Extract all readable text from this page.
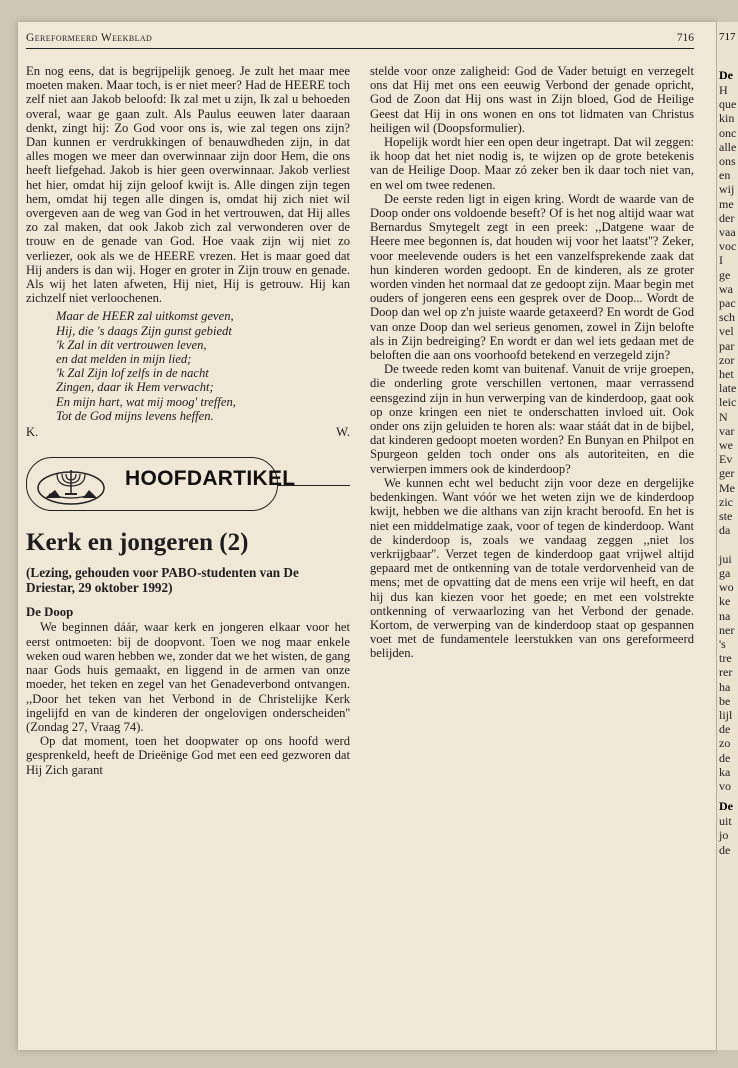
Gereformeerd Weekblad	716

En nog eens, dat is begrijpelijk genoeg. Je zult het maar mee moeten maken. Maar toch, is er niet meer? Had de HEERE toch zelf niet aan Jakob beloofd: Ik zal met u zijn, Ik zal u behoeden overal, waar ge gaan zult. Als Paulus eeuwen later daaraan denkt, zingt hij: Zo God voor ons is, wie zal tegen ons zijn? Dan kunnen er verdrukkingen of benauwdheden zijn, in dat alles mogen we meer dan overwinnaar zijn door Hem, die ons heeft liefgehad. Jakob is hier geen overwinnaar. Jakob verliest het hier, omdat hij zijn geloof kwijt is. Alle dingen zijn tegen hem, omdat hij tegen alle dingen is, omdat hij zich niet wil overgeven aan de weg van God in het vertrouwen, dat Hij alles zo zal maken, dat ook Jakob zich zal verwonderen over de trouw en de genade van God. Hoe vaak zijn wij niet zo verliezer, ook als we de HEERE vrezen. Het is maar goed dat Hij anders is dan wij. Hoger en groter in Zijn trouw en genade. Als wij het laten afweten, Hij niet, Hij is getrouw. Hij kan zichzelf niet verloochenen.

Maar de HEER zal uitkomst geven,
Hij, die 's daags Zijn gunst gebiedt
'k Zal in dit vertrouwen leven,
en dat melden in mijn lied;
'k Zal Zijn lof zelfs in de nacht
Zingen, daar ik Hem verwacht;
En mijn hart, wat mij moog' treffen,
Tot de God mijns levens heffen.
K.	W.
HOOFDARTIKEL
Kerk en jongeren (2)
(Lezing, gehouden voor PABO-studenten van De Driestar, 29 oktober 1992)
De Doop

We beginnen dáár, waar kerk en jongeren elkaar voor het eerst ontmoeten: bij de doopvont. Toen we nog maar enkele weken oud waren hebben we, zonder dat we het wisten, de gang naar Gods huis gemaakt, en liggend in de armen van onze moeder, het teken en zegel van het Genadeverbond ontvangen. ,,Door het teken van het Verbond in de Christelijke Kerk ingelijfd en van de kinderen der ongelovigen onderscheiden'' (Zondag 27, Vraag 74).

Op dat moment, toen het doopwater op ons hoofd werd gesprenkeld, heeft de Drieënige God met een eed gezworen dat Hij Zich garant

stelde voor onze zaligheid: God de Vader betuigt en verzegelt ons dat Hij met ons een eeuwig Verbond der genade opricht, God de Zoon dat Hij ons wast in Zijn bloed, God de Heilige Geest dat Hij in ons wonen en ons tot lidmaten van Christus heiligen wil (Doopsformulier).

Hopelijk wordt hier een open deur ingetrapt. Dat wil zeggen: ik hoop dat het niet nodig is, te wijzen op de grote betekenis van de Heilige Doop. Maar zó zeker ben ik daar toch niet van, en wel om twee redenen.

De eerste reden ligt in eigen kring. Wordt de waarde van de Doop onder ons voldoende beseft? Of is het nog altijd waar wat Bernardus Smytegelt zegt in een preek: ,,Datgene waar de Heere mee begonnen is, dat houden wij voor het laatst''? Zeker, voor meelevende ouders is het een vanzelfsprekende zaak dat hun kinderen worden gedoopt. En de kinderen, als ze groter worden vinden het normaal dat ze gedoopt zijn. Maar begin met ouders of jongeren eens een gesprek over de Doop... Wordt de Doop dan wel op z'n juiste waarde getaxeerd? En wordt de God van onze Doop dan wel serieus genomen, zowel in Zijn belofte als in Zijn bedreiging? En wordt er dan wel iets gedaan met de beloften die aan ons voorhoofd betekend en verzegeld zijn?

De tweede reden komt van buitenaf. Vanuit de vrije groepen, die onderling grote verschillen vertonen, maar verrassend eensgezind zijn in hun verwerping van de kinderdoop, gaat ook op onze kringen een niet te onderschatten invloed uit. Ook onder ons zijn geluiden te horen als: waar stáát dat in de bijbel, dat kinderen gedoopt moeten worden? En Bunyan en Philpot en Spurgeon gelden toch onder ons als autoriteiten, en die verwierpen immers ook de kinderdoop?

We kunnen echt wel beducht zijn voor deze en dergelijke bedenkingen. Want vóór we het weten zijn we de kinderdoop kwijt, hebben we die althans van zijn kracht beroofd. En het is niet een middelmatige zaak, voor of tegen de kinderdoop. Want de kinderdoop is, zoals we vandaag zeggen ,,niet los verkrijgbaar''. Verzet tegen de kinderdoop gaat vrijwel altijd gepaard met de ontkenning van de totale verdorvenheid van de mens; met de opvatting dat de mens een vrije wil heeft, en dat hij dus kan kiezen voor het goede; en met een volstrekte ontkenning of verwaarlozing van het Verbond der genade. Kortom, de verwerping van de kinderdoop staat op gespannen voet met de fundamentele leerstukken van ons gereformeerd belijden.

717
De
H
que
kin
onc
alle
ons
en
wij
me
der
vaa
voc
I
ge
wa
pac
sch
vel
par
zor
het
late
leic
N
var
we
Ev
ger
Me
zic
ste
da

jui
ga
wo
ke
na
ner
's
tre
rer
ha
be
lijl
de
zo
de
ka
vo
De
uit
jo
de
